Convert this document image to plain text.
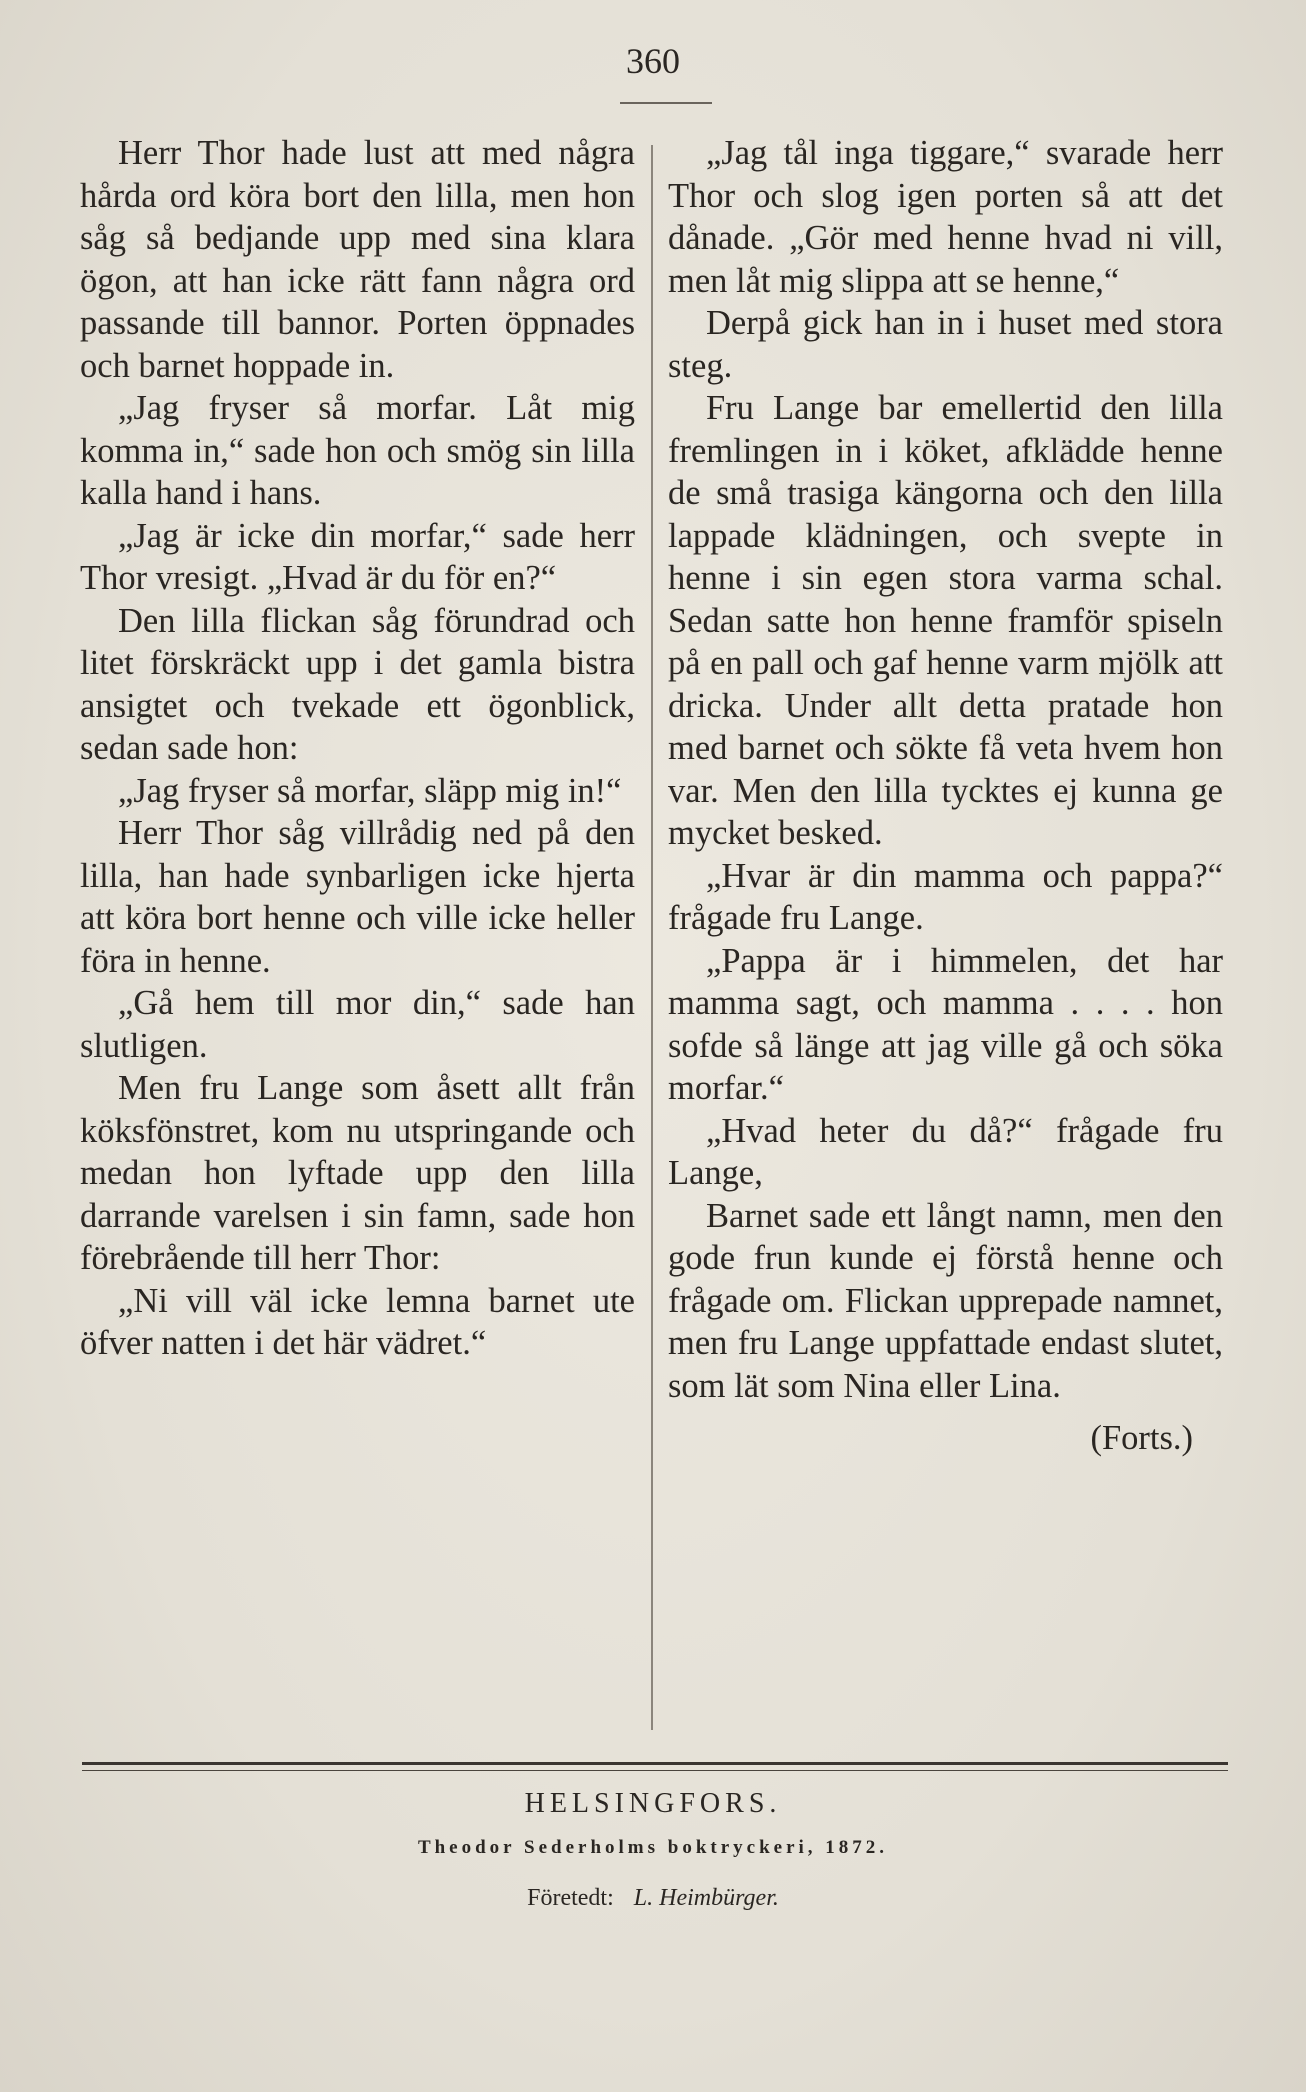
360

Herr Thor hade lust att med några hårda ord köra bort den lilla, men hon såg så bedjande upp med sina klara ögon, att han icke rätt fann några ord passande till bannor. Porten öppnades och barnet hoppade in.

„Jag fryser så morfar. Låt mig komma in,“ sade hon och smög sin lilla kalla hand i hans.

„Jag är icke din morfar,“ sade herr Thor vresigt. „Hvad är du för en?“

Den lilla flickan såg förundrad och litet förskräckt upp i det gamla bistra ansigtet och tvekade ett ögonblick, sedan sade hon:

„Jag fryser så morfar, släpp mig in!“

Herr Thor såg villrådig ned på den lilla, han hade synbarligen icke hjerta att köra bort henne och ville icke heller föra in henne.

„Gå hem till mor din,“ sade han slutligen.

Men fru Lange som åsett allt från köksfönstret, kom nu utspringande och medan hon lyftade upp den lilla darrande varelsen i sin famn, sade hon förebrående till herr Thor:

„Ni vill väl icke lemna barnet ute öfver natten i det här vädret.“

„Jag tål inga tiggare,“ svarade herr Thor och slog igen porten så att det dånade. „Gör med henne hvad ni vill, men låt mig slippa att se henne,“

Derpå gick han in i huset med stora steg.

Fru Lange bar emellertid den lilla fremlingen in i köket, afklädde henne de små trasiga kängorna och den lilla lappade klädningen, och svepte in henne i sin egen stora varma schal. Sedan satte hon henne framför spiseln på en pall och gaf henne varm mjölk att dricka. Under allt detta pratade hon med barnet och sökte få veta hvem hon var. Men den lilla tycktes ej kunna ge mycket besked.

„Hvar är din mamma och pappa?“ frågade fru Lange.

„Pappa är i himmelen, det har mamma sagt, och mamma . . . . hon sofde så länge att jag ville gå och söka morfar.“

„Hvad heter du då?“ frågade fru Lange,

Barnet sade ett långt namn, men den gode frun kunde ej förstå henne och frågade om. Flickan upprepade namnet, men fru Lange uppfattade endast slutet, som lät som Nina eller Lina.

(Forts.)
HELSINGFORS.
Theodor Sederholms boktryckeri, 1872.
Företedt: L. Heimbürger.
